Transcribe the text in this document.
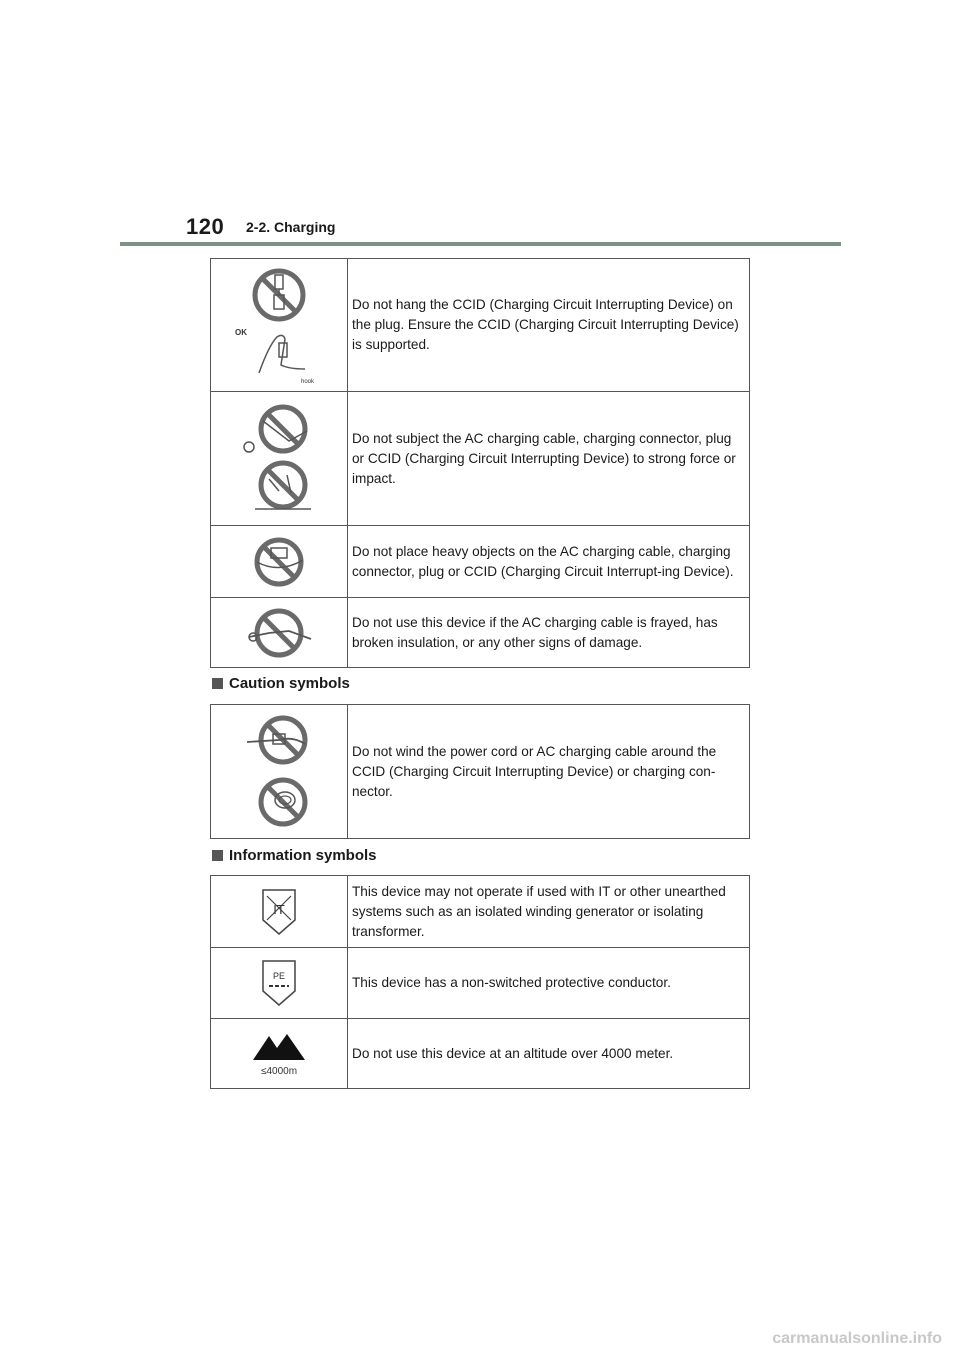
120 2-2. Charging
OK
hook	Do not hang the CCID (Charging Circuit Interrupting Device) on the plug. Ensure the CCID (Charging Circuit Interrupting Device) is supported.

	Do not subject the AC charging cable, charging connector, plug or CCID (Charging Circuit Interrupting Device) to strong force or impact.

	Do not place heavy objects on the AC charging cable, charging connector, plug or CCID (Charging Circuit Interrupt-ing Device).

	Do not use this device if the AC charging cable is frayed, has broken insulation, or any other signs of damage.
Caution symbols
	Do not wind the power cord or AC charging cable around the CCID (Charging Circuit Interrupting Device) or charging con-nector.
Information symbols
IT	This device may not operate if used with IT or other unearthed systems such as an isolated winding generator or isolating transformer.

PE	This device has a non-switched protective conductor.

≤4000m	Do not use this device at an altitude over 4000 meter.
carmanualsonline.info
